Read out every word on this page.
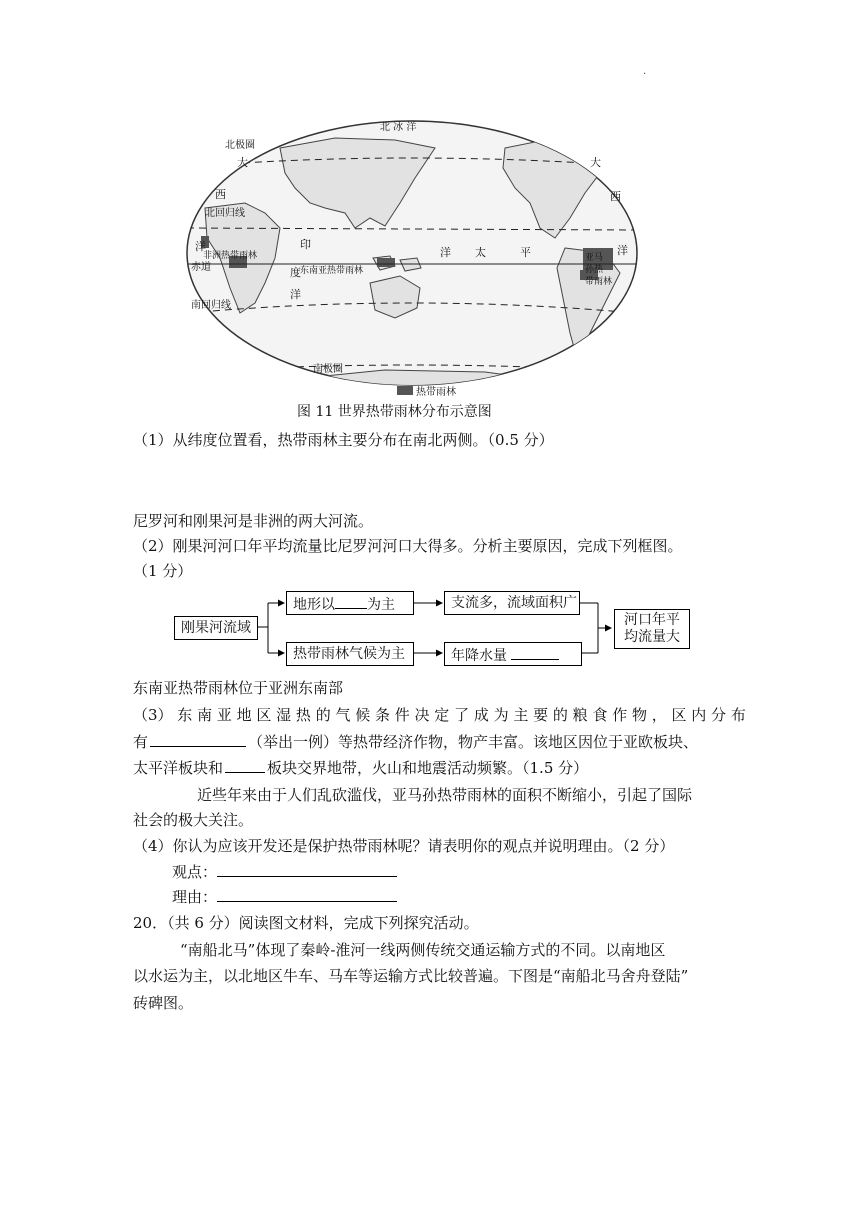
.
北 冰 洋
北极圈
大	大
北回归线
西	西
洋	洋
印
度
洋
太	平
洋
赤道
非洲热带雨林
东南亚热带雨林
亚马
孙热
带雨林
南回归线
南极圈
热带雨林
图 11 世界热带雨林分布示意图
（1）从纬度位置看，热带雨林主要分布在南北两侧。（0.5 分）
尼罗河和刚果河是非洲的两大河流。
（2）刚果河河口年平均流量比尼罗河河口大得多。分析主要原因，完成下列框图。
（1 分）
刚果河流域
地形以 为主	支流多，流域面积广
热带雨林气候为主	年降水量
河口年平
均流量大
东南亚热带雨林位于亚洲东南部
（3） 东 南 亚 地 区 湿 热 的 气 候 条 件 决 定 了 成 为 主 要 的 粮 食 作 物 ， 区 内 分 布
有	（举出一例）等热带经济作物，物产丰富。该地区因位于亚欧板块、
太平洋板块和	板块交界地带，火山和地震活动频繁。（1.5 分）
近些年来由于人们乱砍滥伐，亚马孙热带雨林的面积不断缩小，引起了国际
社会的极大关注。
（4）你认为应该开发还是保护热带雨林呢？请表明你的观点并说明理由。（2 分）
观点：
理由：
20．（共 6 分）阅读图文材料，完成下列探究活动。
“南船北马”体现了秦岭-淮河一线两侧传统交通运输方式的不同。以南地区
以水运为主，以北地区牛车、马车等运输方式比较普遍。下图是“南船北马舍舟登陆”
砖碑图。
